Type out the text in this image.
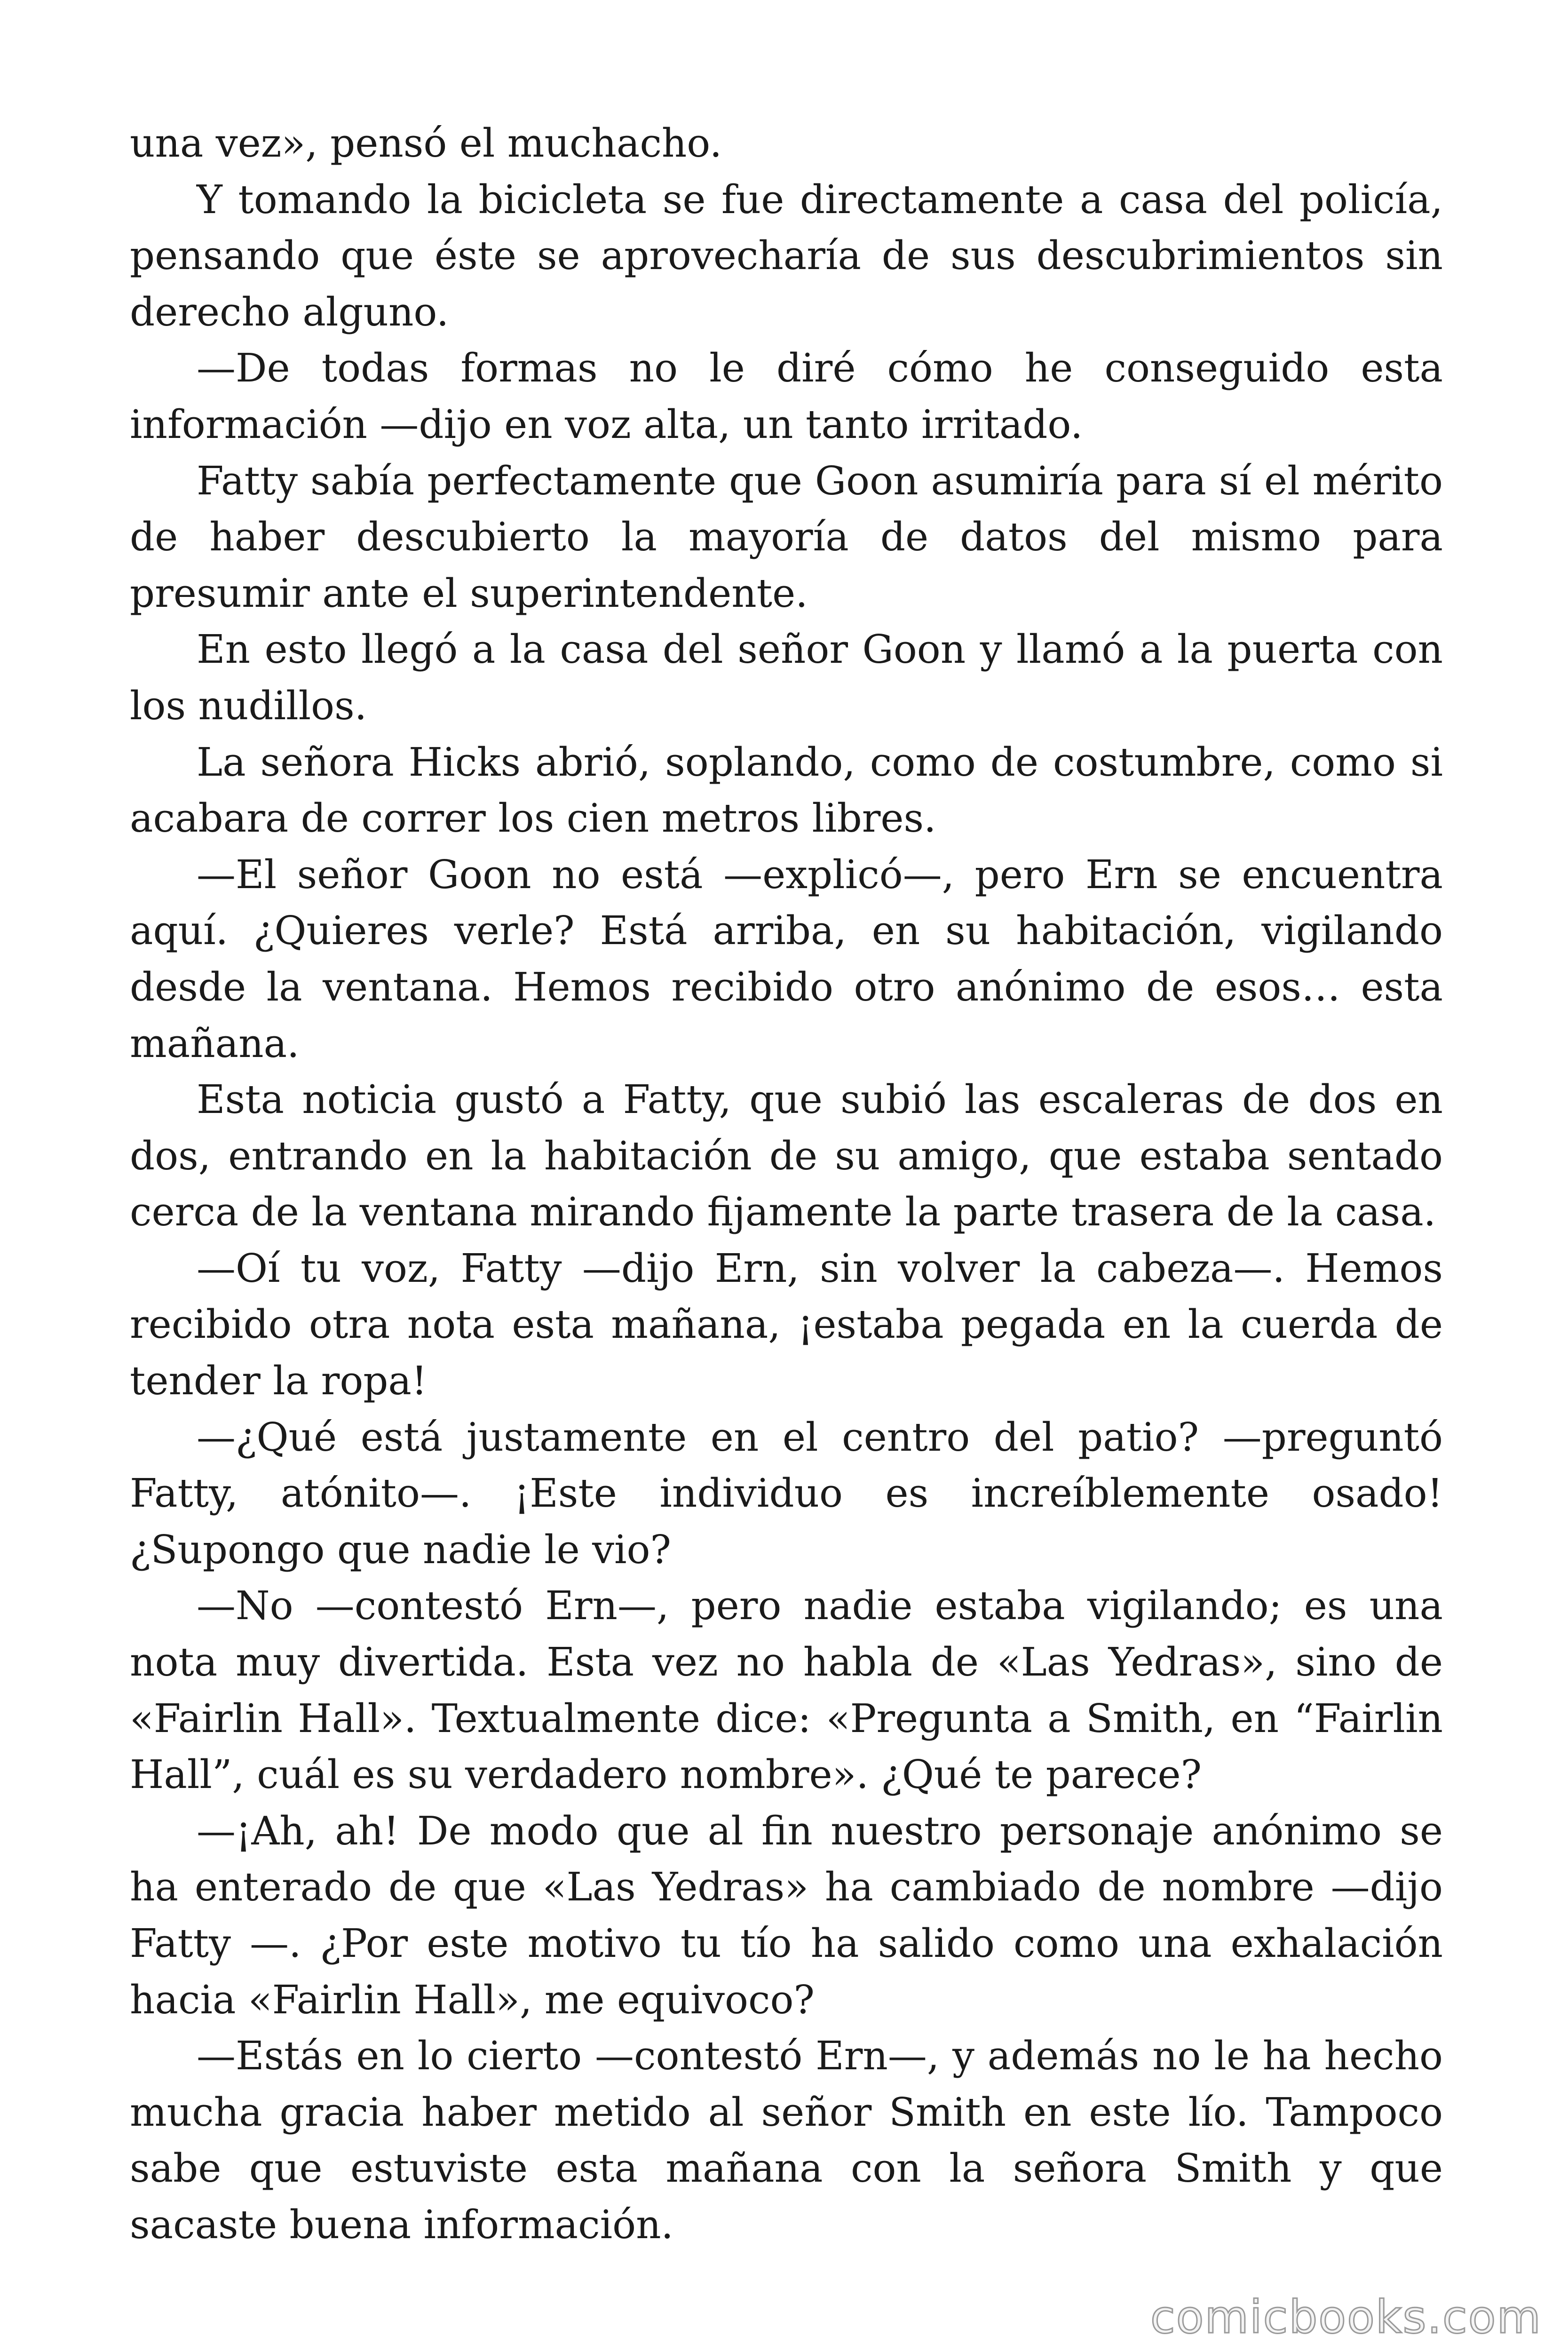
una vez», pensó el muchacho.

Y tomando la bicicleta se fue directamente a casa del policía, pensando que éste se aprovecharía de sus descubrimientos sin derecho alguno.

—De todas formas no le diré cómo he conseguido esta información —dijo en voz alta, un tanto irritado.

Fatty sabía perfectamente que Goon asumiría para sí el mérito de haber descubierto la mayoría de datos del mismo para presumir ante el superintendente.

En esto llegó a la casa del señor Goon y llamó a la puerta con los nudillos.

La señora Hicks abrió, soplando, como de costumbre, como si acabara de correr los cien metros libres.

—El señor Goon no está —explicó—, pero Ern se encuentra aquí. ¿Quieres verle? Está arriba, en su habitación, vigilando desde la ventana. Hemos recibido otro anónimo de esos… esta mañana.

Esta noticia gustó a Fatty, que subió las escaleras de dos en dos, entrando en la habitación de su amigo, que estaba sentado cerca de la ventana mirando fijamente la parte trasera de la casa.

—Oí tu voz, Fatty —dijo Ern, sin volver la cabeza—. Hemos recibido otra nota esta mañana, ¡estaba pegada en la cuerda de tender la ropa!

—¿Qué está justamente en el centro del patio? —preguntó Fatty, atónito—. ¡Este individuo es increíblemente osado! ¿Supongo que nadie le vio?

—No —contestó Ern—, pero nadie estaba vigilando; es una nota muy divertida. Esta vez no habla de «Las Yedras», sino de «Fairlin Hall». Textualmente dice: «Pregunta a Smith, en “Fairlin Hall”, cuál es su verdadero nombre». ¿Qué te parece?

—¡Ah, ah! De modo que al fin nuestro personaje anónimo se ha enterado de que «Las Yedras» ha cambiado de nombre —dijo Fatty —. ¿Por este motivo tu tío ha salido como una exhalación hacia «Fairlin Hall», me equivoco?

—Estás en lo cierto —contestó Ern—, y además no le ha hecho mucha gracia haber metido al señor Smith en este lío. Tampoco sabe que estuviste esta mañana con la señora Smith y que sacaste buena información.

comicbooks.com
